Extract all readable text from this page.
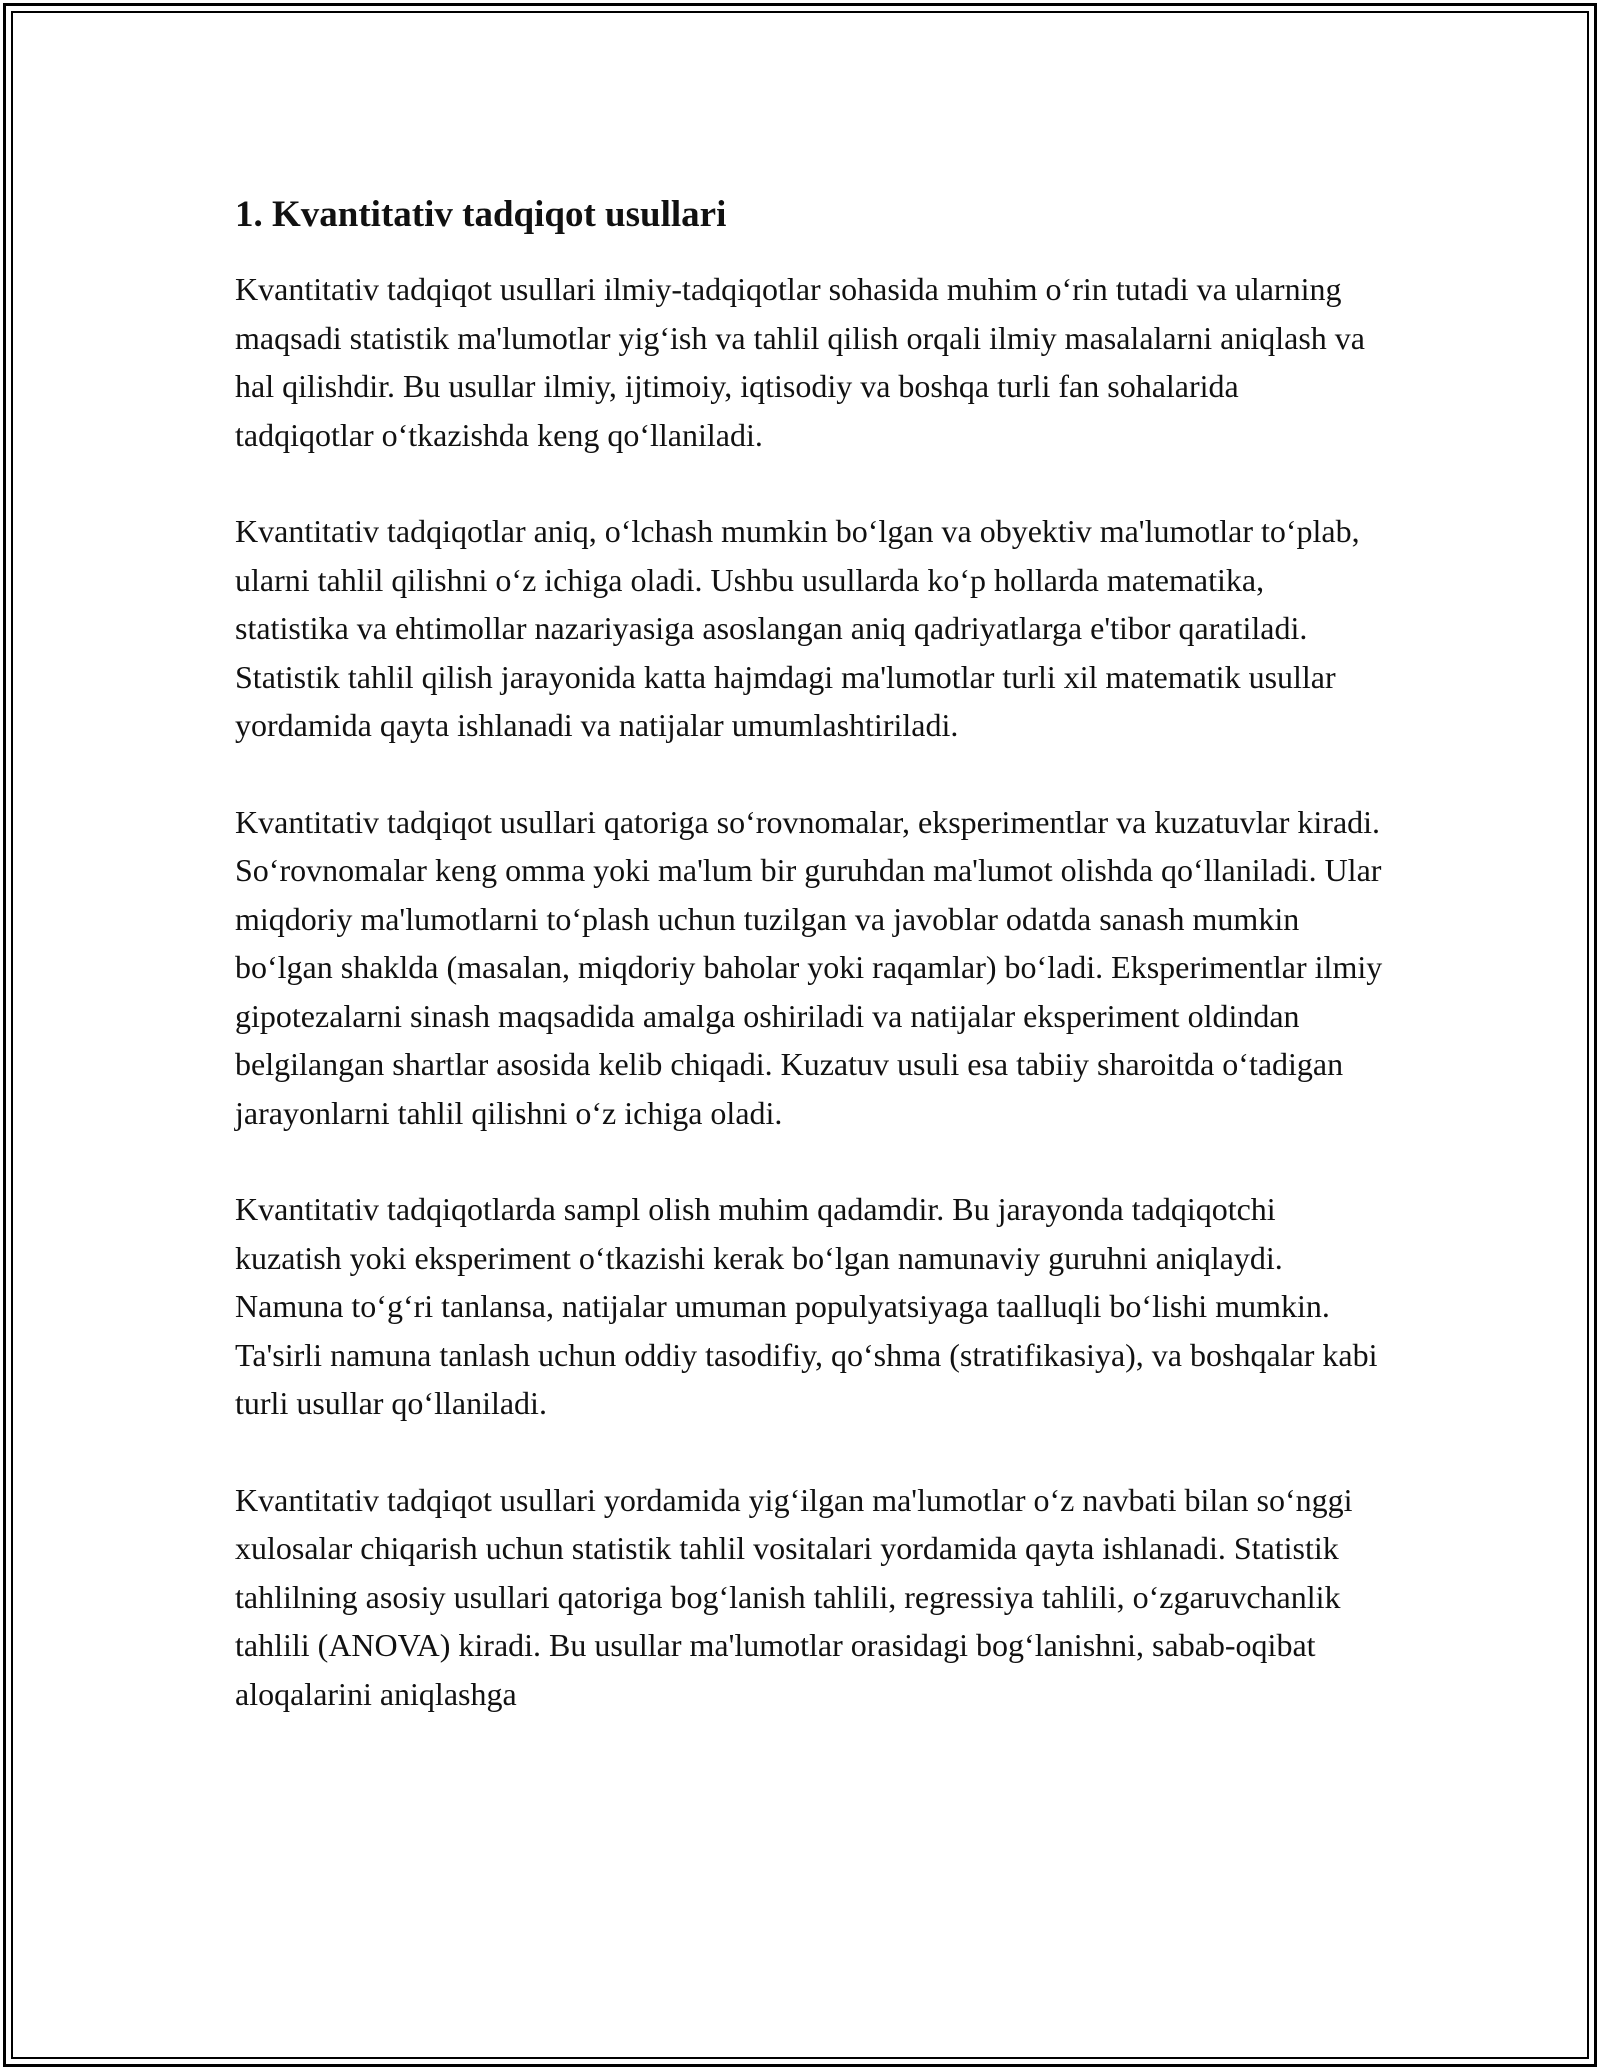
1. Kvantitativ tadqiqot usullari

Kvantitativ tadqiqot usullari ilmiy-tadqiqotlar sohasida muhim o‘rin tutadi va ularning maqsadi statistik ma'lumotlar yig‘ish va tahlil qilish orqali ilmiy masalalarni aniqlash va hal qilishdir. Bu usullar ilmiy, ijtimoiy, iqtisodiy va boshqa turli fan sohalarida tadqiqotlar o‘tkazishda keng qo‘llaniladi.

Kvantitativ tadqiqotlar aniq, o‘lchash mumkin bo‘lgan va obyektiv ma'lumotlar to‘plab, ularni tahlil qilishni o‘z ichiga oladi. Ushbu usullarda ko‘p hollarda matematika, statistika va ehtimollar nazariyasiga asoslangan aniq qadriyatlarga e'tibor qaratiladi. Statistik tahlil qilish jarayonida katta hajmdagi ma'lumotlar turli xil matematik usullar yordamida qayta ishlanadi va natijalar umumlashtiriladi.

Kvantitativ tadqiqot usullari qatoriga so‘rovnomalar, eksperimentlar va kuzatuvlar kiradi. So‘rovnomalar keng omma yoki ma'lum bir guruhdan ma'lumot olishda qo‘llaniladi. Ular miqdoriy ma'lumotlarni to‘plash uchun tuzilgan va javoblar odatda sanash mumkin bo‘lgan shaklda (masalan, miqdoriy baholar yoki raqamlar) bo‘ladi. Eksperimentlar ilmiy gipotezalarni sinash maqsadida amalga oshiriladi va natijalar eksperiment oldindan belgilangan shartlar asosida kelib chiqadi. Kuzatuv usuli esa tabiiy sharoitda o‘tadigan jarayonlarni tahlil qilishni o‘z ichiga oladi.

Kvantitativ tadqiqotlarda sampl olish muhim qadamdir. Bu jarayonda tadqiqotchi kuzatish yoki eksperiment o‘tkazishi kerak bo‘lgan namunaviy guruhni aniqlaydi. Namuna to‘g‘ri tanlansa, natijalar umuman populyatsiyaga taalluqli bo‘lishi mumkin. Ta'sirli namuna tanlash uchun oddiy tasodifiy, qo‘shma (stratifikasiya), va boshqalar kabi turli usullar qo‘llaniladi.

Kvantitativ tadqiqot usullari yordamida yig‘ilgan ma'lumotlar o‘z navbati bilan so‘nggi xulosalar chiqarish uchun statistik tahlil vositalari yordamida qayta ishlanadi. Statistik tahlilning asosiy usullari qatoriga bog‘lanish tahlili, regressiya tahlili, o‘zgaruvchanlik tahlili (ANOVA) kiradi. Bu usullar ma'lumotlar orasidagi bog‘lanishni, sabab-oqibat aloqalarini aniqlashga
